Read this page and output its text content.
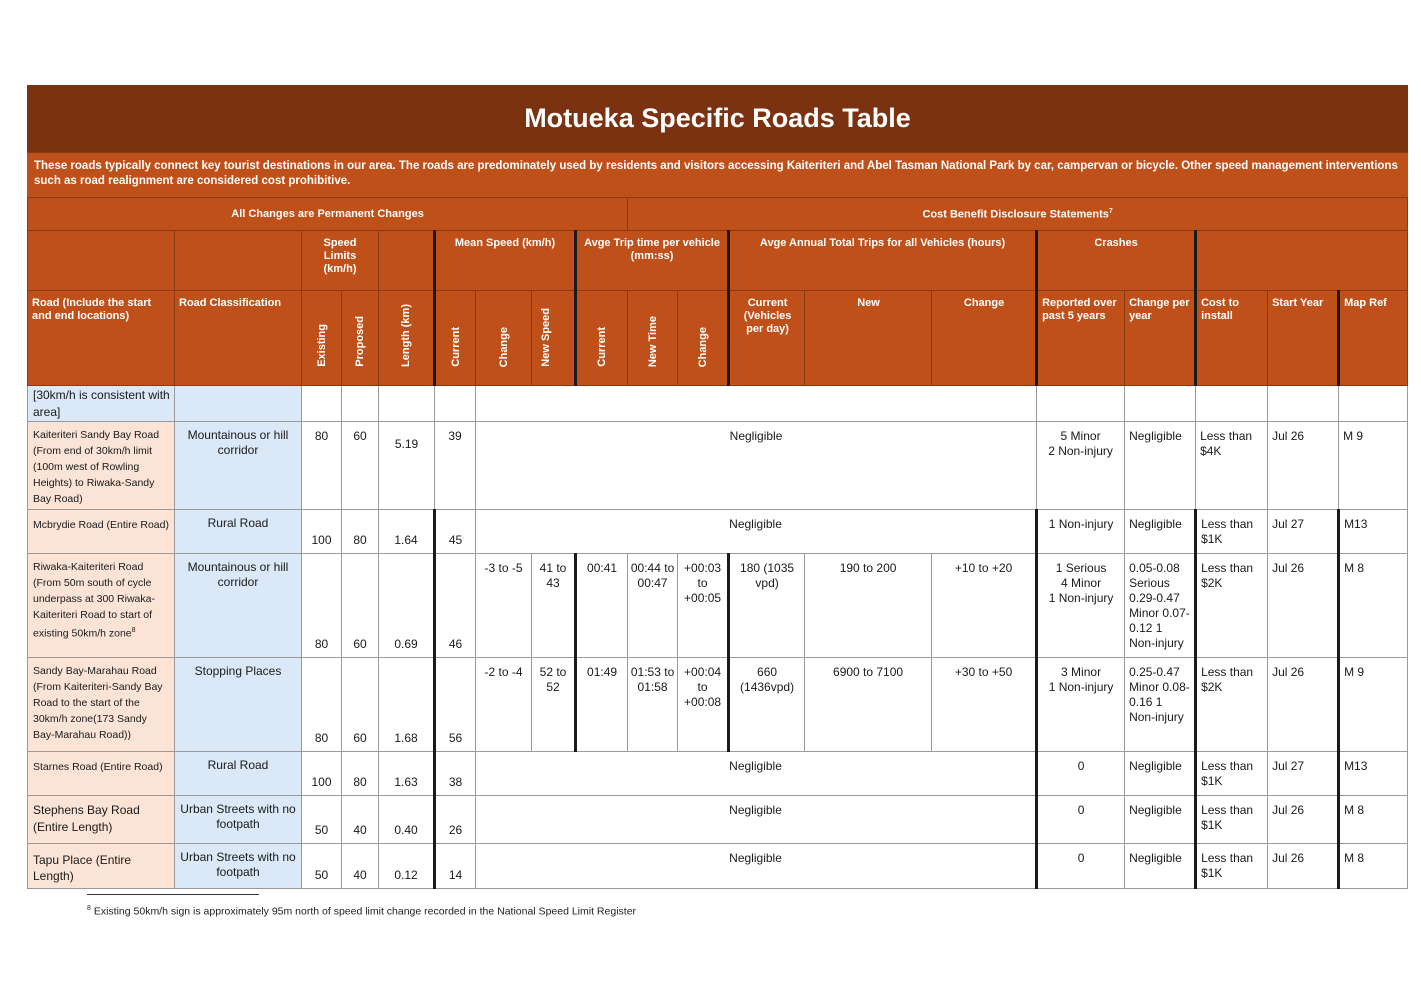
Motueka Specific Roads Table
These roads typically connect key tourist destinations in our area. The roads are predominately used by residents and visitors accessing Kaiteriteri and Abel Tasman National Park by car, campervan or bicycle. Other speed management interventions such as road realignment are considered cost prohibitive.
All Changes are Permanent Changes									Cost Benefit Disclosure Statements$^7$
		Speed Limits (km/h)			Mean Speed (km/h)			Avge Trip time per vehicle (mm:ss)			Avge Annual Total Trips for all Vehicles (hours)			Crashes				
Road (Include the start and end locations)	Road Classification	Existing	Proposed	Length (km)	Current	Change	New Speed	Current	New Time	Change	Current (Vehicles per day)	New	Change	Reported over past 5 years	Change per year	Cost to install	Start Year	Map Ref
[30km/h is consistent with area]																		
Kaiteriteri Sandy Bay Road (From end of 30km/h limit (100m west of Rowling Heights) to Riwaka-Sandy Bay Road)	Mountainous or hill corridor	80	60	5.19	39	Negligible								5 Minor
2 Non-injury	Negligible	Less than $4K	Jul 26	M 9
Mcbrydie Road (Entire Road)	Rural Road	100	80	1.64	45	Negligible								1 Non-injury	Negligible	Less than $1K	Jul 27	M13
Riwaka-Kaiteriteri Road (From 50m south of cycle underpass at 300 Riwaka-Kaiteriteri Road to start of existing 50km/h zone$^8$	Mountainous or hill corridor	80	60	0.69	46	-3 to -5	41 to 43	00:41	00:44 to 00:47	+00:03 to +00:05	180 (1035 vpd)	190 to 200	+10 to +20	1 Serious
4 Minor
1 Non-injury	0.05-0.08 Serious 0.29-0.47 Minor 0.07-0.12 1 Non-injury	Less than $2K	Jul 26	M 8
Sandy Bay-Marahau Road (From Kaiteriteri-Sandy Bay Road to the start of the 30km/h zone(173 Sandy Bay-Marahau Road))	Stopping Places	80	60	1.68	56	-2 to -4	52 to 52	01:49	01:53 to 01:58	+00:04 to +00:08	660 (1436vpd)	6900 to 7100	+30 to +50	3 Minor
1 Non-injury	0.25-0.47 Minor 0.08-0.16 1 Non-injury	Less than $2K	Jul 26	M 9
Starnes Road (Entire Road)	Rural Road	100	80	1.63	38	Negligible								0	Negligible	Less than $1K	Jul 27	M13
Stephens Bay Road (Entire Length)	Urban Streets with no footpath	50	40	0.40	26	Negligible								0	Negligible	Less than $1K	Jul 26	M 8
Tapu Place (Entire Length)	Urban Streets with no footpath	50	40	0.12	14	Negligible								0	Negligible	Less than $1K	Jul 26	M 8
$^8$ Existing 50km/h sign is approximately 95m north of speed limit change recorded in the National Speed Limit Register
